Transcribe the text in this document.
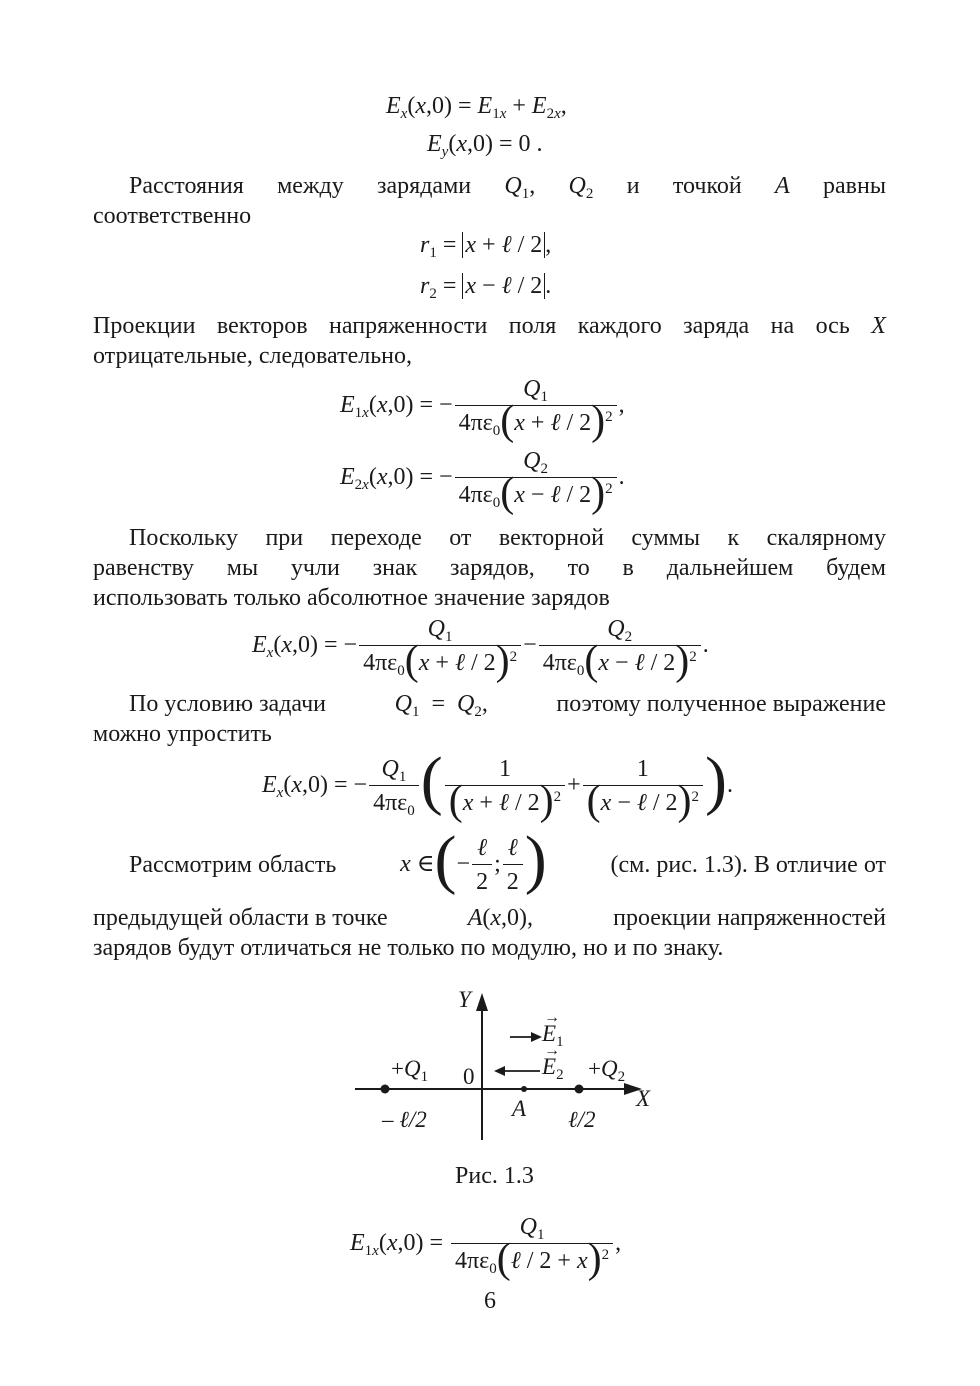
$E_x(x,0) = E_{1x} + E_{2x}$,
$E_y(x,0) = 0$ .
Расстояния между зарядами $Q_1$, $Q_2$ и точкой A равны
соответственно
$r_1 = x$ + ℓ / 2 ,
$r_2 = x$ − ℓ / 2 .
Проекции векторов напряженности поля каждого заряда на ось X
отрицательные, следовательно,
$E_{1x}(x,0)$ = − $\frac{Q_1}{4\pi\varepsilon_0(x + \ell / 2)^2}$ ,
$E_{2x}(x,0)$ = − $\frac{Q_2}{4\pi\varepsilon_0(x - \ell / 2)^2}$ .
Поскольку при переходе от векторной суммы к скалярному
равенству мы учли знак зарядов, то в дальнейшем будем
использовать только абсолютное значение зарядов
$E_x(x,0)$ = − $\frac{Q_1}{4\pi\varepsilon_0(x + \ell / 2)^2} - \frac{Q_2}{4\pi\varepsilon_0(x - \ell / 2)^2}$ .
По условию задачи	$Q_1 = Q_2$,	поэтому полученное выражение
можно упростить
$E_x(x,0)$ = − $\frac{Q_1}{4\pi\varepsilon_0}$ ( $\frac{1}{(x + \ell / 2)^2} + \frac{1}{(x - \ell / 2)^2}$ ).
Рассмотрим область	x ∈(− $\frac{\text{ℓ}}{2}$ ; $\frac{\text{ℓ}}{2}$ )	(см. рис. 1.3). В отличие от
предыдущей области в точке	A(x,0),	проекции напряженностей
зарядов будут отличаться не только по модулю, но и по знаку.
Y
X
0
A
– ℓ/2	ℓ/2
$+Q_1$	$+Q_2$
$E_1$
$E_2$
→
→
Рис. 1.3
$E_{1x}(x,0) = \frac{Q_1}{4\pi\varepsilon_0(\ell / 2 + x)^2}$ ,
6
